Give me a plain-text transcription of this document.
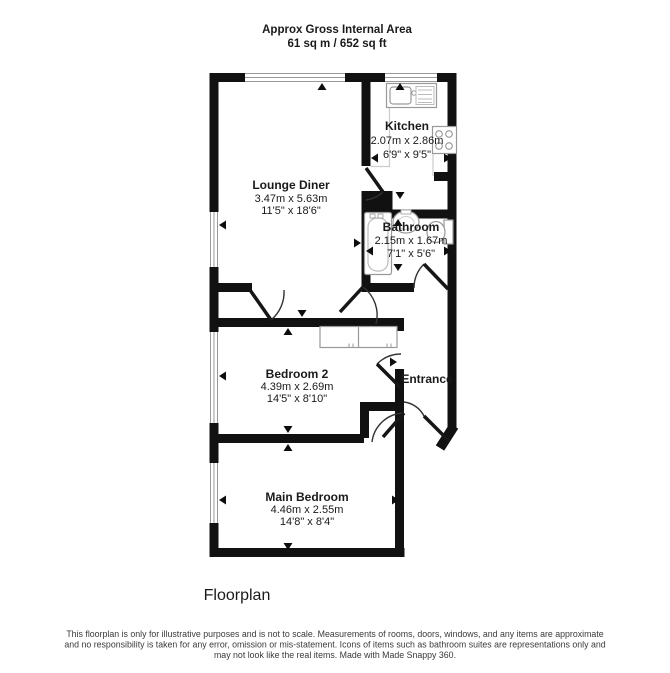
Approx Gross Internal Area
61 sq m / 652 sq ft
Kitchen
2.07m x 2.86m
6'9" x 9'5"
Lounge Diner
3.47m x 5.63m
11'5" x 18'6"
Bathroom
2.15m x 1.67m
7'1" x 5'6"
Bedroom 2
4.39m x 2.69m
14'5" x 8'10"
Entrance
Main Bedroom
4.46m x 2.55m
14'8" x 8'4"
Floorplan
This floorplan is only for illustrative purposes and is not to scale. Measurements of rooms, doors, windows, and any items are approximate
and no responsibility is taken for any error, omission or mis-statement. Icons of items such as bathroom suites are representations only and
may not look like the real items. Made with Made Snappy 360.
